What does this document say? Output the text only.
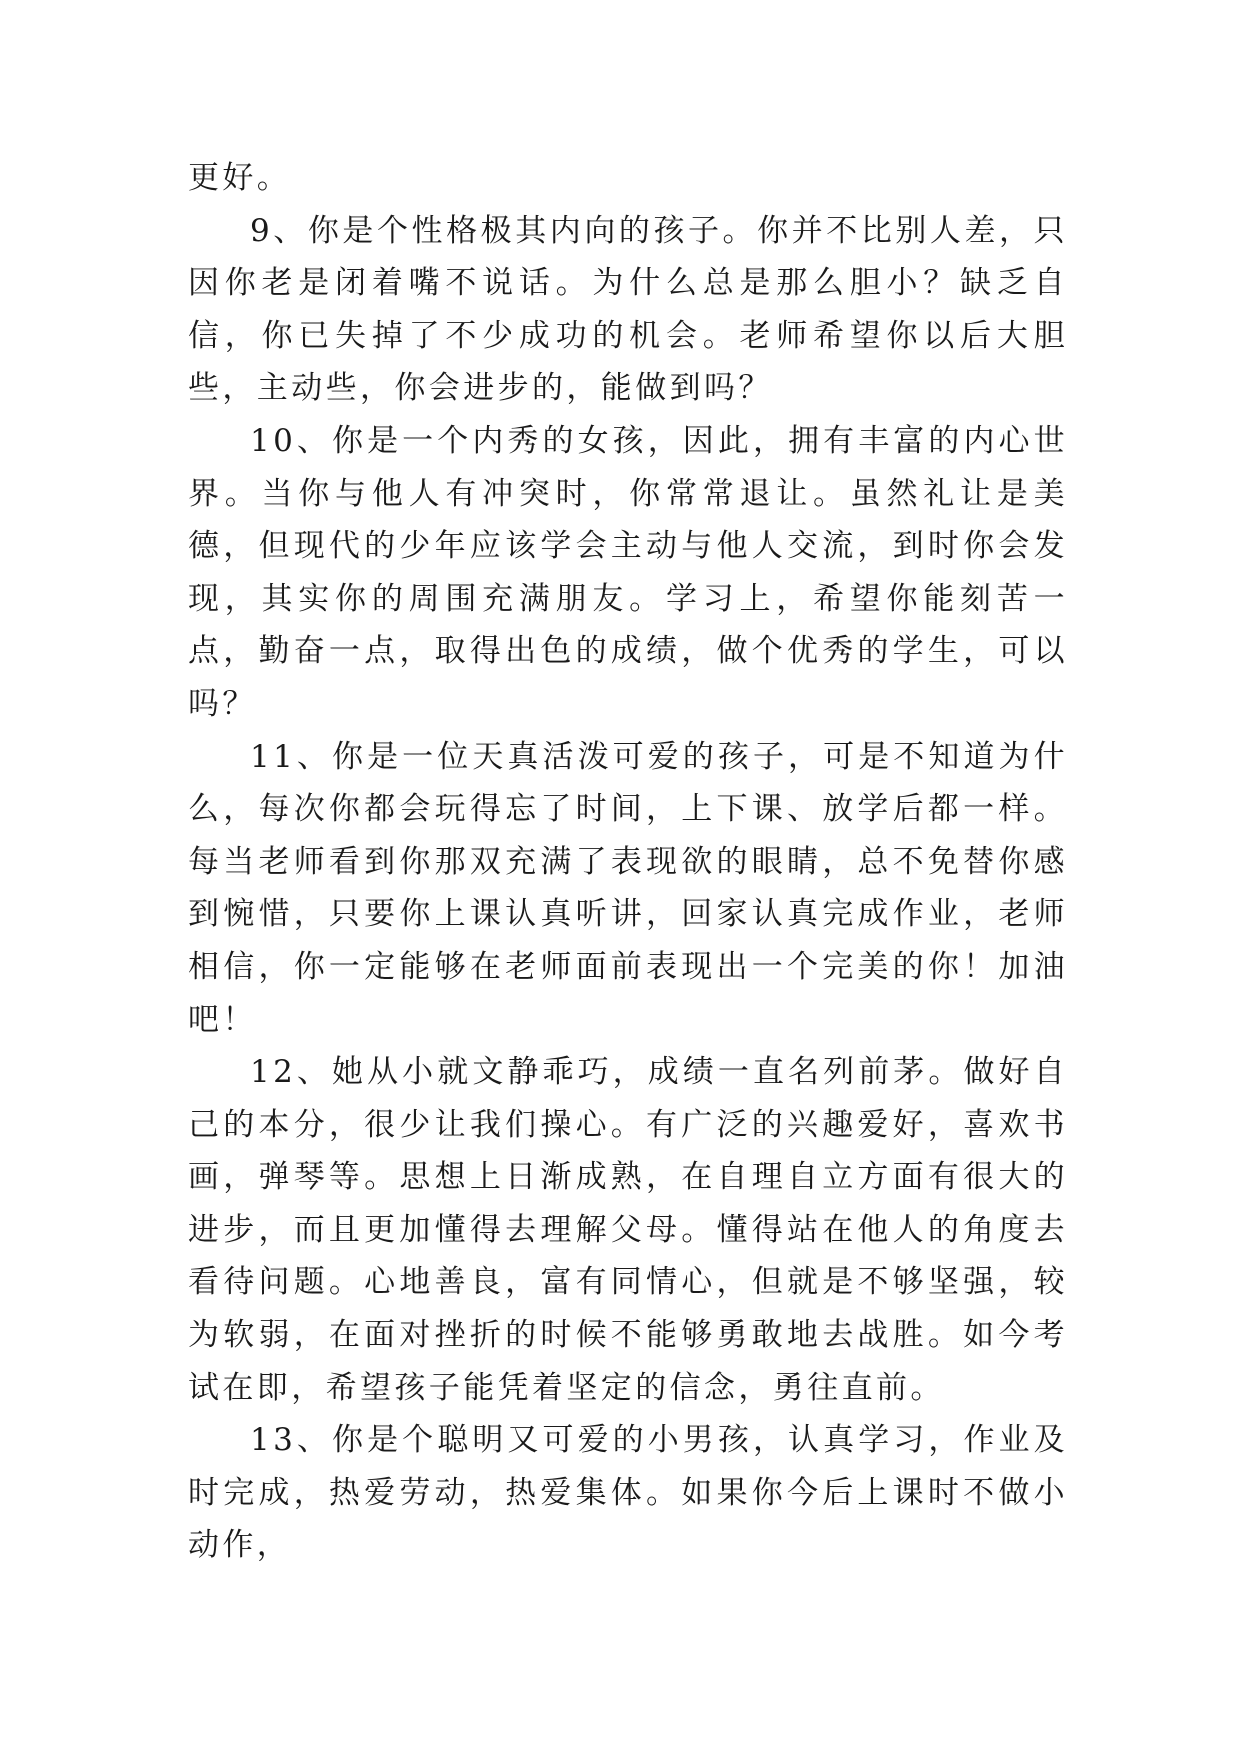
更好。

9、你是个性格极其内向的孩子。你并不比别人差，只因你老是闭着嘴不说话。为什么总是那么胆小？缺乏自信，你已失掉了不少成功的机会。老师希望你以后大胆些，主动些，你会进步的，能做到吗？

10、你是一个内秀的女孩，因此，拥有丰富的内心世界。当你与他人有冲突时，你常常退让。虽然礼让是美德，但现代的少年应该学会主动与他人交流，到时你会发现，其实你的周围充满朋友。学习上，希望你能刻苦一点，勤奋一点，取得出色的成绩，做个优秀的学生，可以吗？

11、你是一位天真活泼可爱的孩子，可是不知道为什么，每次你都会玩得忘了时间，上下课、放学后都一样。每当老师看到你那双充满了表现欲的眼睛，总不免替你感到惋惜，只要你上课认真听讲，回家认真完成作业，老师相信，你一定能够在老师面前表现出一个完美的你！加油吧！

12、她从小就文静乖巧，成绩一直名列前茅。做好自己的本分，很少让我们操心。有广泛的兴趣爱好，喜欢书画，弹琴等。思想上日渐成熟，在自理自立方面有很大的进步，而且更加懂得去理解父母。懂得站在他人的角度去看待问题。心地善良，富有同情心，但就是不够坚强，较为软弱，在面对挫折的时候不能够勇敢地去战胜。如今考试在即，希望孩子能凭着坚定的信念，勇往直前。

13、你是个聪明又可爱的小男孩，认真学习，作业及时完成，热爱劳动，热爱集体。如果你今后上课时不做小动作，
